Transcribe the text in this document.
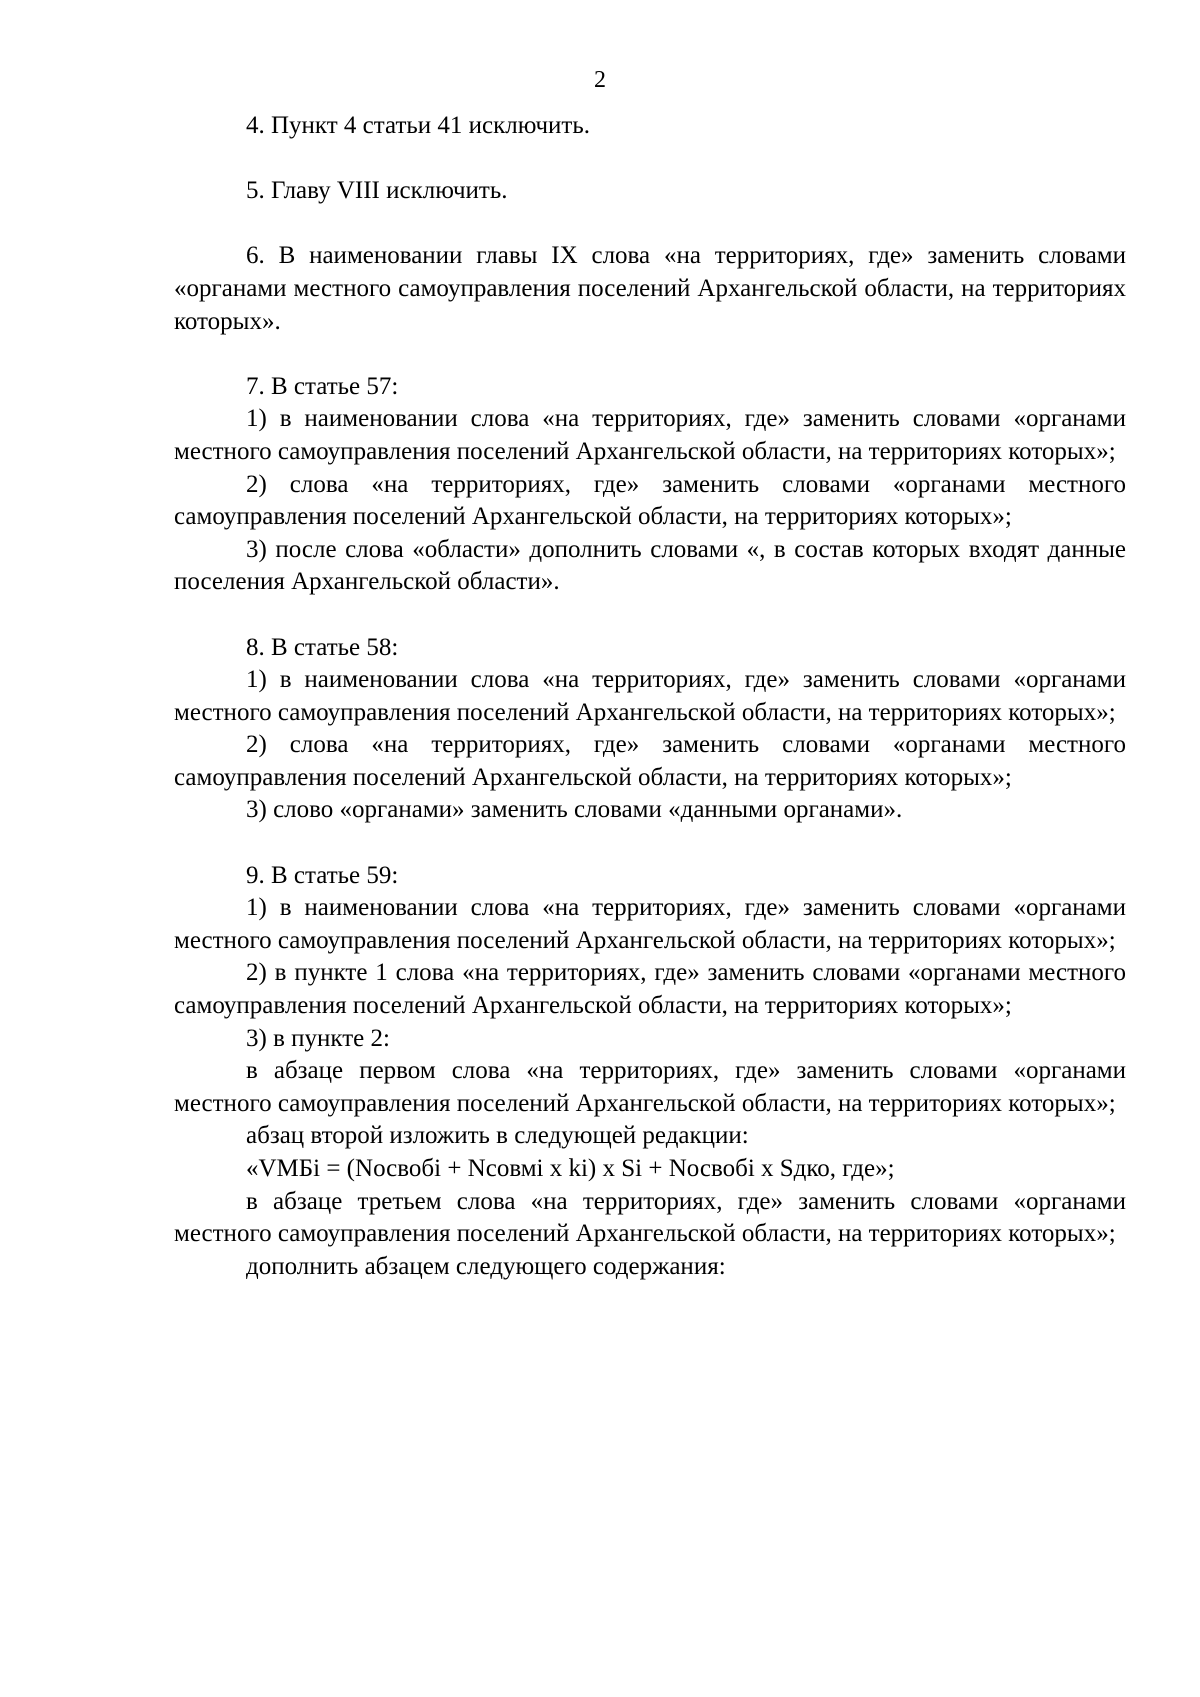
2

4. Пункт 4 статьи 41 исключить.

5. Главу VIII исключить.

6. В наименовании главы IX слова «на территориях, где» заменить словами «органами местного самоуправления поселений Архангельской области, на территориях которых».

7. В статье 57:

1) в наименовании слова «на территориях, где» заменить словами «органами местного самоуправления поселений Архангельской области, на территориях которых»;

2) слова «на территориях, где» заменить словами «органами местного самоуправления поселений Архангельской области, на территориях которых»;

3) после слова «области» дополнить словами «, в состав которых входят данные поселения Архангельской области».

8. В статье 58:

1) в наименовании слова «на территориях, где» заменить словами «органами местного самоуправления поселений Архангельской области, на территориях которых»;

2) слова «на территориях, где» заменить словами «органами местного самоуправления поселений Архангельской области, на территориях которых»;

3) слово «органами» заменить словами «данными органами».

9. В статье 59:

1) в наименовании слова «на территориях, где» заменить словами «органами местного самоуправления поселений Архангельской области, на территориях которых»;

2) в пункте 1 слова «на территориях, где» заменить словами «органами местного самоуправления поселений Архангельской области, на территориях которых»;

3) в пункте 2:

в абзаце первом слова «на территориях, где» заменить словами «органами местного самоуправления поселений Архангельской области, на территориях которых»;

абзац второй изложить в следующей редакции:

«VМБi = (Nосвобi + Nсовмi x ki) x Si + Nосвобi x Sдко, где»;

в абзаце третьем слова «на территориях, где» заменить словами «органами местного самоуправления поселений Архангельской области, на территориях которых»;

дополнить абзацем следующего содержания:
